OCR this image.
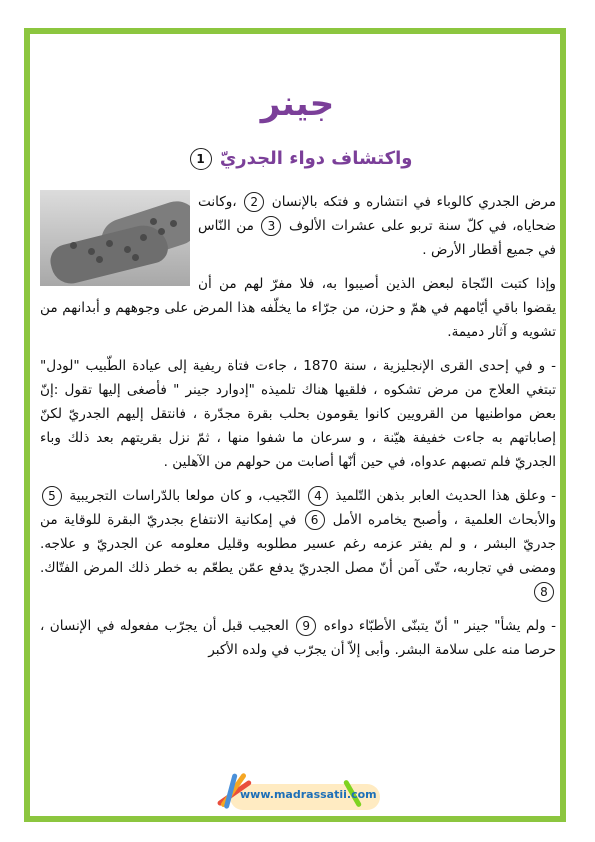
جينر
واكتشاف دواء الجدريّ 1

مرض الجدري كالوباء في انتشاره و فتكه بالإنسان 2 ،وكانت ضحاياه، في كلّ سنة تربو على عشرات الألوف 3 من النّاس في جميع أقطار الأرض .

وإذا كتبت النّجاة لبعض الذين أصيبوا به، فلا مفرّ لهم من أن يقضوا باقي أيّامهم في همّ و حزن، من جرّاء ما يخلّفه هذا المرض على وجوههم و أبدانهم من تشويه و آثار دميمة.

- و في إحدى القرى الإنجليزية ، سنة 1870 ، جاءت فتاة ريفية إلى عيادة الطّبيب "لودل" تبتغي العلاج من مرض تشكوه ، فلقيها هناك تلميذه "إدوارد جينر " فأصغى إليها تقول :إنّ بعض مواطنيها من القرويين كانوا يقومون بحلب بقرة مجدّرة ، فانتقل إليهم الجدريّ لكنّ إصاباتهم به جاءت خفيفة هيّنة ، و سرعان ما شفوا منها ، ثمّ نزل بقريتهم بعد ذلك وباء الجدريّ فلم تصبهم عدواه، في حين أنّها أصابت من حولهم من الآهلين .

- وعلق هذا الحديث العابر بذهن التّلميذ 4 النّجيب، و كان مولعا بالدّراسات التجريبية 5 والأبحاث العلمية ، وأصبح يخامره الأمل 6 في إمكانية الانتفاع بجدريّ البقرة للوقاية من جدريّ البشر ، و لم يفتر عزمه رغم عسير مطلوبه وقليل معلومه عن الجدريّ و علاجه. ومضى في تجاربه، حتّى آمن أنّ مصل الجدريّ يدفع عمّن يطعّم به خطر ذلك المرض الفتّاك. 8

- ولم يشأ" جينر " أنّ يتبنّى الأطبّاء دواءه 9 العجيب قبل أن يجرّب مفعوله في الإنسان ، حرصا منه على سلامة البشر. وأبى إلاّ أن يجرّب في ولده الأكبر

www.madrassatii.com
